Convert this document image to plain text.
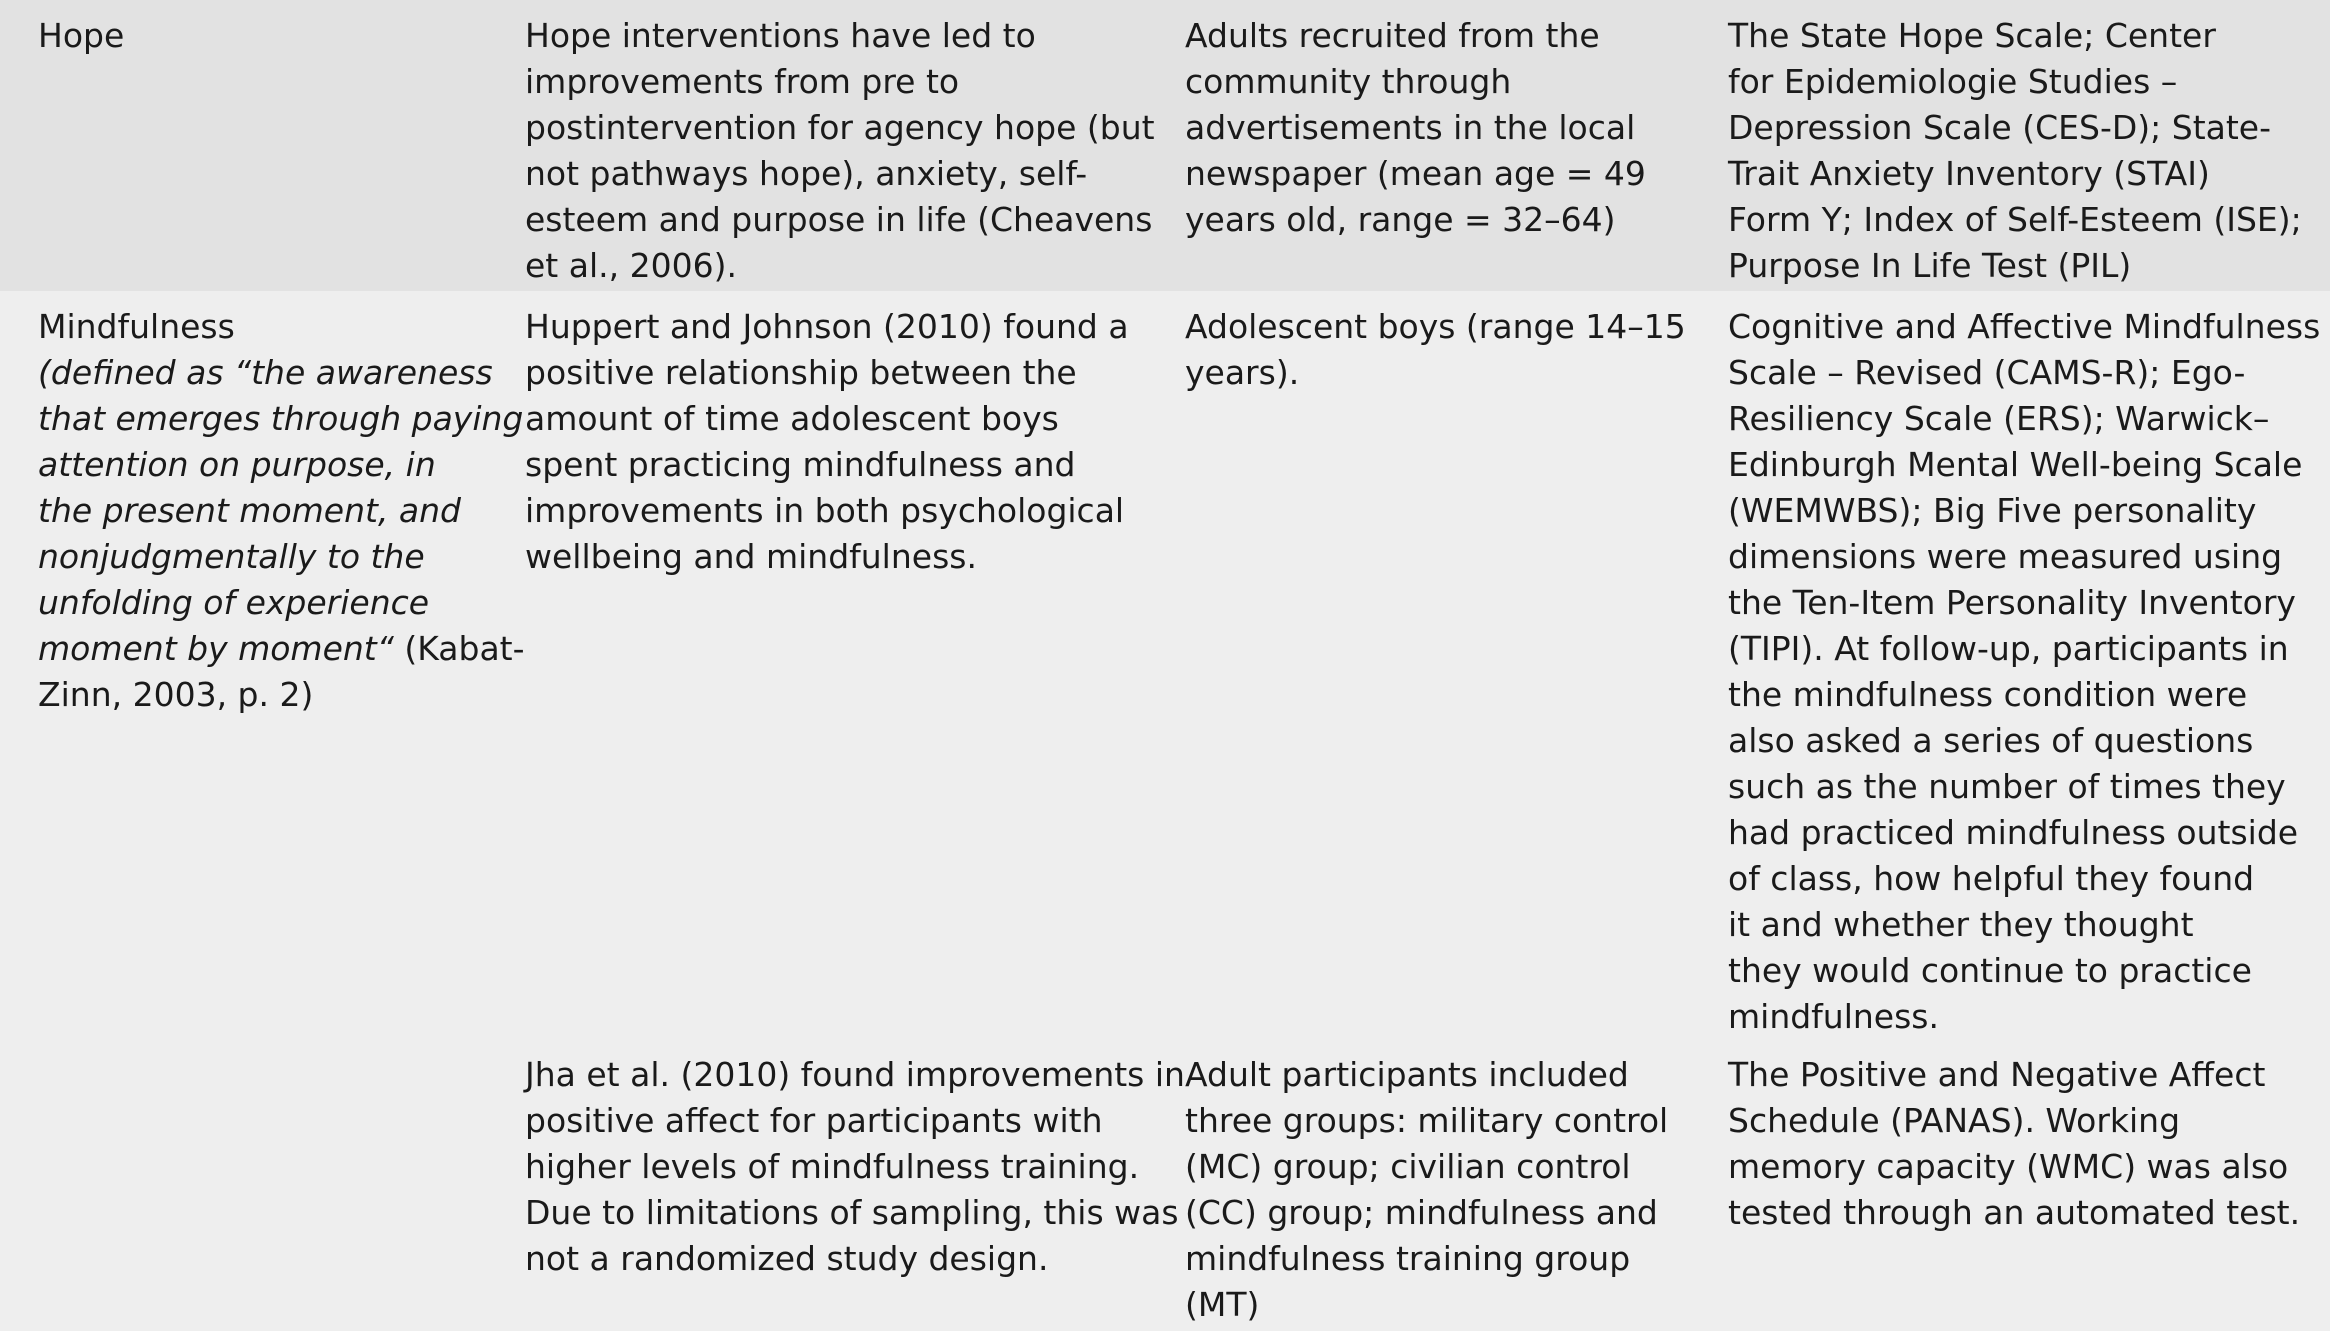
Hope	Hope interventions have led to
improvements from pre to
postintervention for agency hope (but
not pathways hope), anxiety, self-
esteem and purpose in life (Cheavens
et al., 2006).
Adults recruited from the
community through
advertisements in the local
newspaper (mean age = 49
years old, range = 32–64)
The State Hope Scale; Center
for Epidemiologie Studies –
Depression Scale (CES-D); State-
Trait Anxiety Inventory (STAI)
Form Y; Index of Self-Esteem (ISE);
Purpose In Life Test (PIL)
Mindfulness
(defined as “the awareness
that emerges through paying
attention on purpose, in
the present moment, and
nonjudgmentally to the
unfolding of experience
moment by moment“ (Kabat-
Zinn, 2003, p. 2)
Huppert and Johnson (2010) found a
positive relationship between the
amount of time adolescent boys
spent practicing mindfulness and
improvements in both psychological
wellbeing and mindfulness.
Adolescent boys (range 14–15
years).
Cognitive and Affective Mindfulness
Scale – Revised (CAMS-R); Ego-
Resiliency Scale (ERS); Warwick–
Edinburgh Mental Well-being Scale
(WEMWBS); Big Five personality
dimensions were measured using
the Ten-Item Personality Inventory
(TIPI). At follow-up, participants in
the mindfulness condition were
also asked a series of questions
such as the number of times they
had practiced mindfulness outside
of class, how helpful they found
it and whether they thought
they would continue to practice
mindfulness.
Jha et al. (2010) found improvements in
positive affect for participants with
higher levels of mindfulness training.
Due to limitations of sampling, this was
not a randomized study design.
Adult participants included
three groups: military control
(MC) group; civilian control
(CC) group; mindfulness and
mindfulness training group
(MT)
The Positive and Negative Affect
Schedule (PANAS). Working
memory capacity (WMC) was also
tested through an automated test.
